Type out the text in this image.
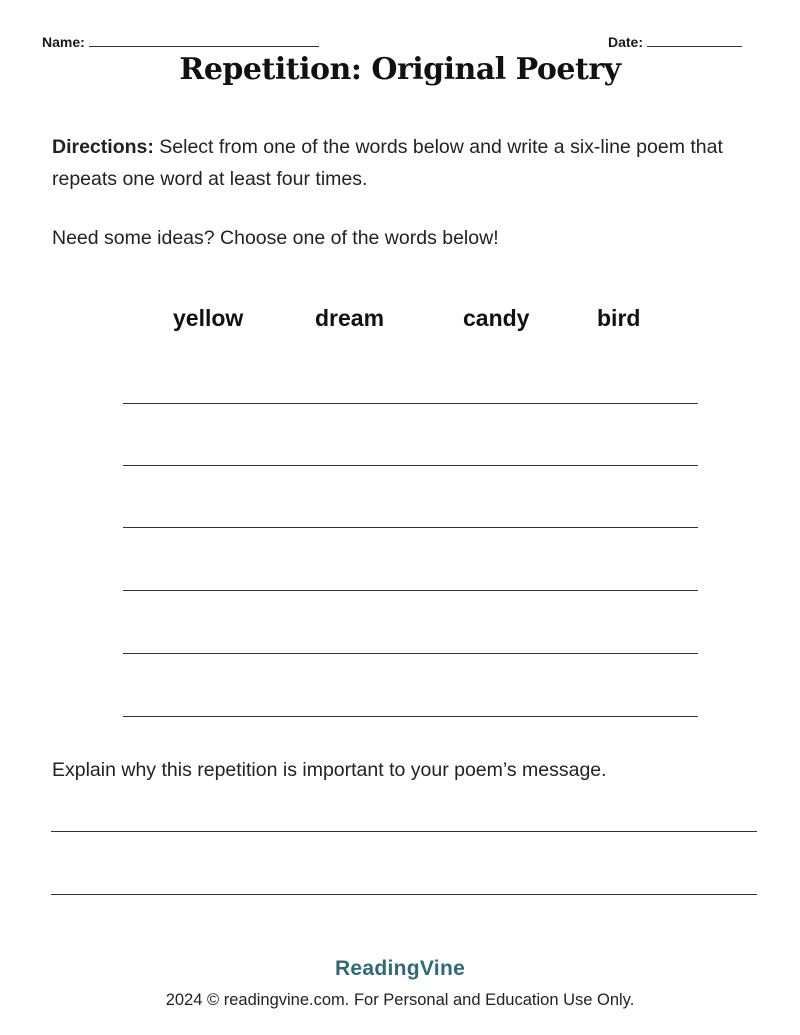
Name:	Date:
Repetition: Original Poetry
Directions: Select from one of the words below and write a six-line poem that repeats one word at least four times.
Need some ideas? Choose one of the words below!
yellow	dream	candy	bird
Explain why this repetition is important to your poem’s message.
ReadingVine
2024 © readingvine.com. For Personal and Education Use Only.
